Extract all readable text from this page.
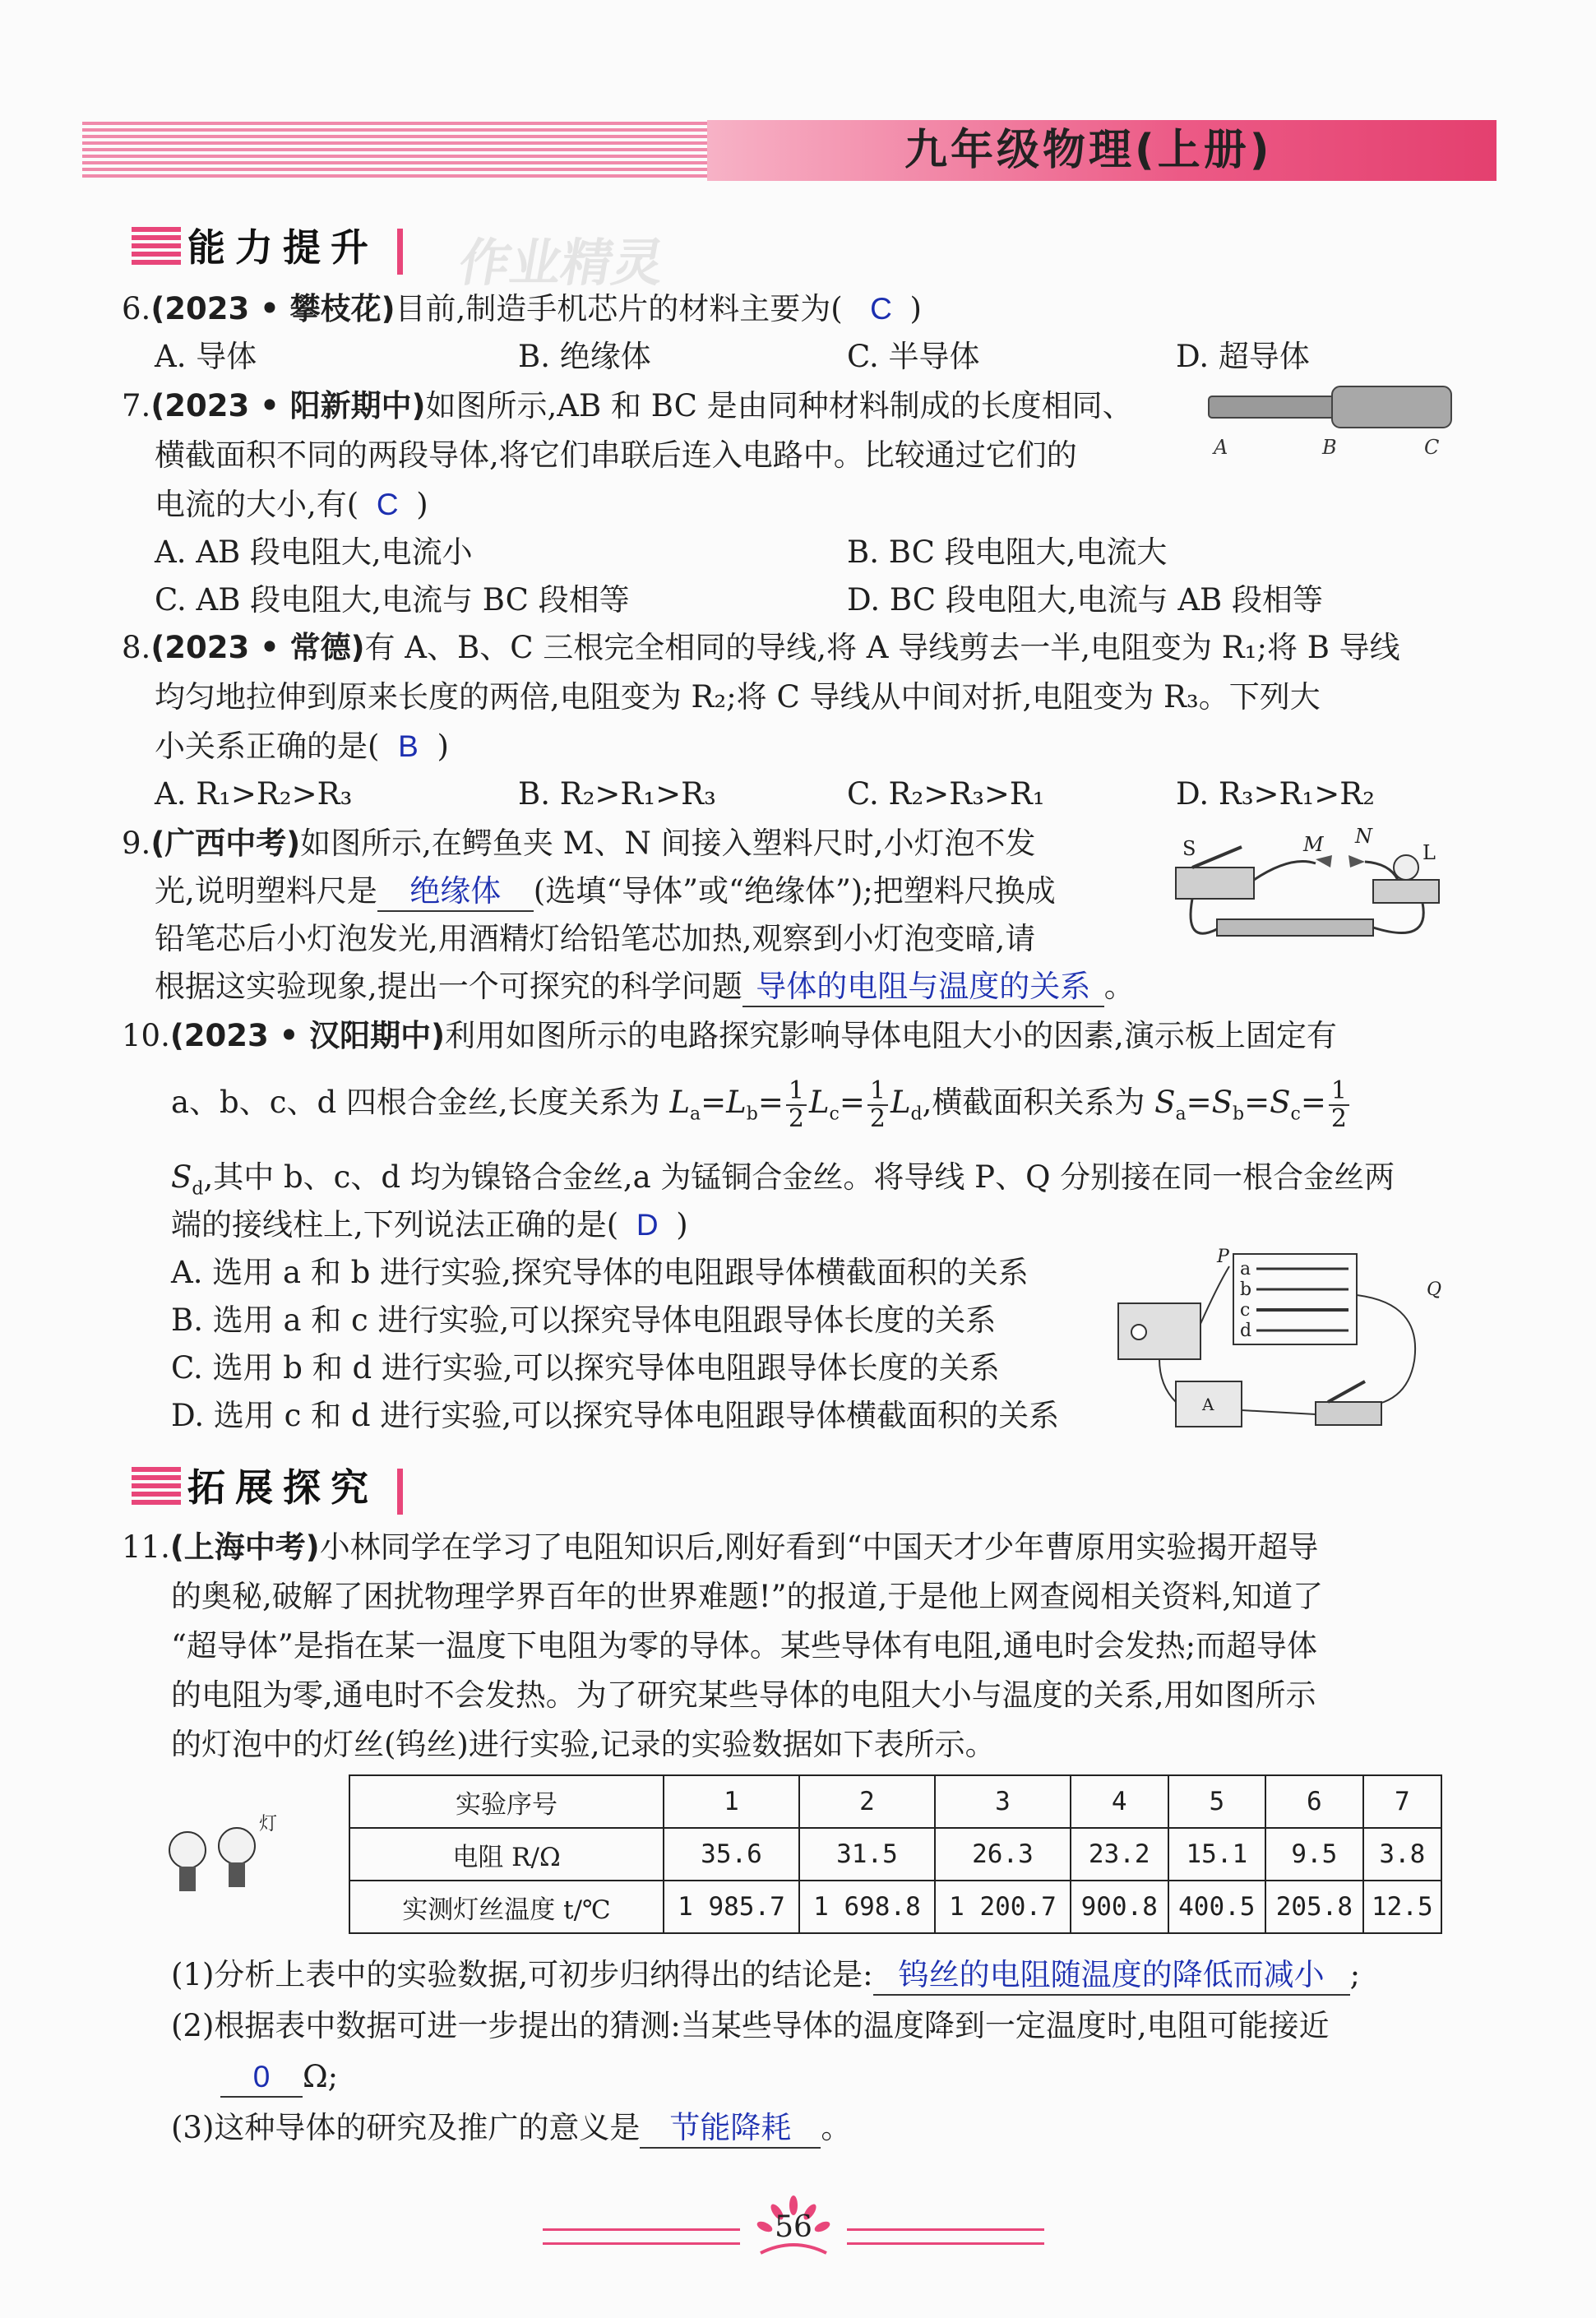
九年级物理(上册)
能力提升 作业精灵
6.(2023 • 攀枝花)目前,制造手机芯片的材料主要为( C )
A. 导体	B. 绝缘体	C. 半导体	D. 超导体
7.(2023 • 阳新期中)如图所示,AB 和 BC 是由同种材料制成的长度相同、
横截面积不同的两段导体,将它们串联后连入电路中。比较通过它们的
电流的大小,有( C )
A	B	C
A. AB 段电阻大,电流小	B. BC 段电阻大,电流大
C. AB 段电阻大,电流与 BC 段相等	D. BC 段电阻大,电流与 AB 段相等
8.(2023 • 常德)有 A、B、C 三根完全相同的导线,将 A 导线剪去一半,电阻变为 R₁;将 B 导线
均匀地拉伸到原来长度的两倍,电阻变为 R₂;将 C 导线从中间对折,电阻变为 R₃。下列大
小关系正确的是( B )
A. R₁>R₂>R₃	B. R₂>R₁>R₃	C. R₂>R₃>R₁	D. R₃>R₁>R₂
9.(广西中考)如图所示,在鳄鱼夹 M、N 间接入塑料尺时,小灯泡不发
光,说明塑料尺是 绝缘体 (选填“导体”或“绝缘体”);把塑料尺换成
铅笔芯后小灯泡发光,用酒精灯给铅笔芯加热,观察到小灯泡变暗,请
根据这实验现象,提出一个可探究的科学问题 导体的电阻与温度的关系 。
S	M N
L
10.(2023 • 汉阳期中)利用如图所示的电路探究影响导体电阻大小的因素,演示板上固定有
a、b、c、d 四根合金丝,长度关系为 $L_a=L_b= \frac{1}{2} L_c= \frac{1}{2} L_d$,横截面积关系为 $S_a=S_b=S_c= \frac{1}{2}$
$S_d$,其中 b、c、d 均为镍铬合金丝,a 为锰铜合金丝。将导线 P、Q 分别接在同一根合金丝两
端的接线柱上,下列说法正确的是( D )
A. 选用 a 和 b 进行实验,探究导体的电阻跟导体横截面积的关系
B. 选用 a 和 c 进行实验,可以探究导体电阻跟导体长度的关系
C. 选用 b 和 d 进行实验,可以探究导体电阻跟导体长度的关系
D. 选用 c 和 d 进行实验,可以探究导体电阻跟导体横截面积的关系
a
b
c
d
P
Q
A
拓展探究
11.(上海中考)小林同学在学习了电阻知识后,刚好看到“中国天才少年曹原用实验揭开超导
的奥秘,破解了困扰物理学界百年的世界难题!”的报道,于是他上网查阅相关资料,知道了
“超导体”是指在某一温度下电阻为零的导体。某些导体有电阻,通电时会发热;而超导体
的电阻为零,通电时不会发热。为了研究某些导体的电阻大小与温度的关系,用如图所示
的灯泡中的灯丝(钨丝)进行实验,记录的实验数据如下表所示。
灯
实验序号	1	2	3	4	5	6	7
电阻 R/Ω	35.6	31.5	26.3	23.2	15.1	9.5	3.8
实测灯丝温度 t/℃	1 985.7	1 698.8	1 200.7	900.8	400.5	205.8	12.5
(1)分析上表中的实验数据,可初步归纳得出的结论是: 钨丝的电阻随温度的降低而减小 ;
(2)根据表中数据可进一步提出的猜测:当某些导体的温度降到一定温度时,电阻可能接近
0 Ω;
(3)这种导体的研究及推广的意义是 节能降耗 。
56
